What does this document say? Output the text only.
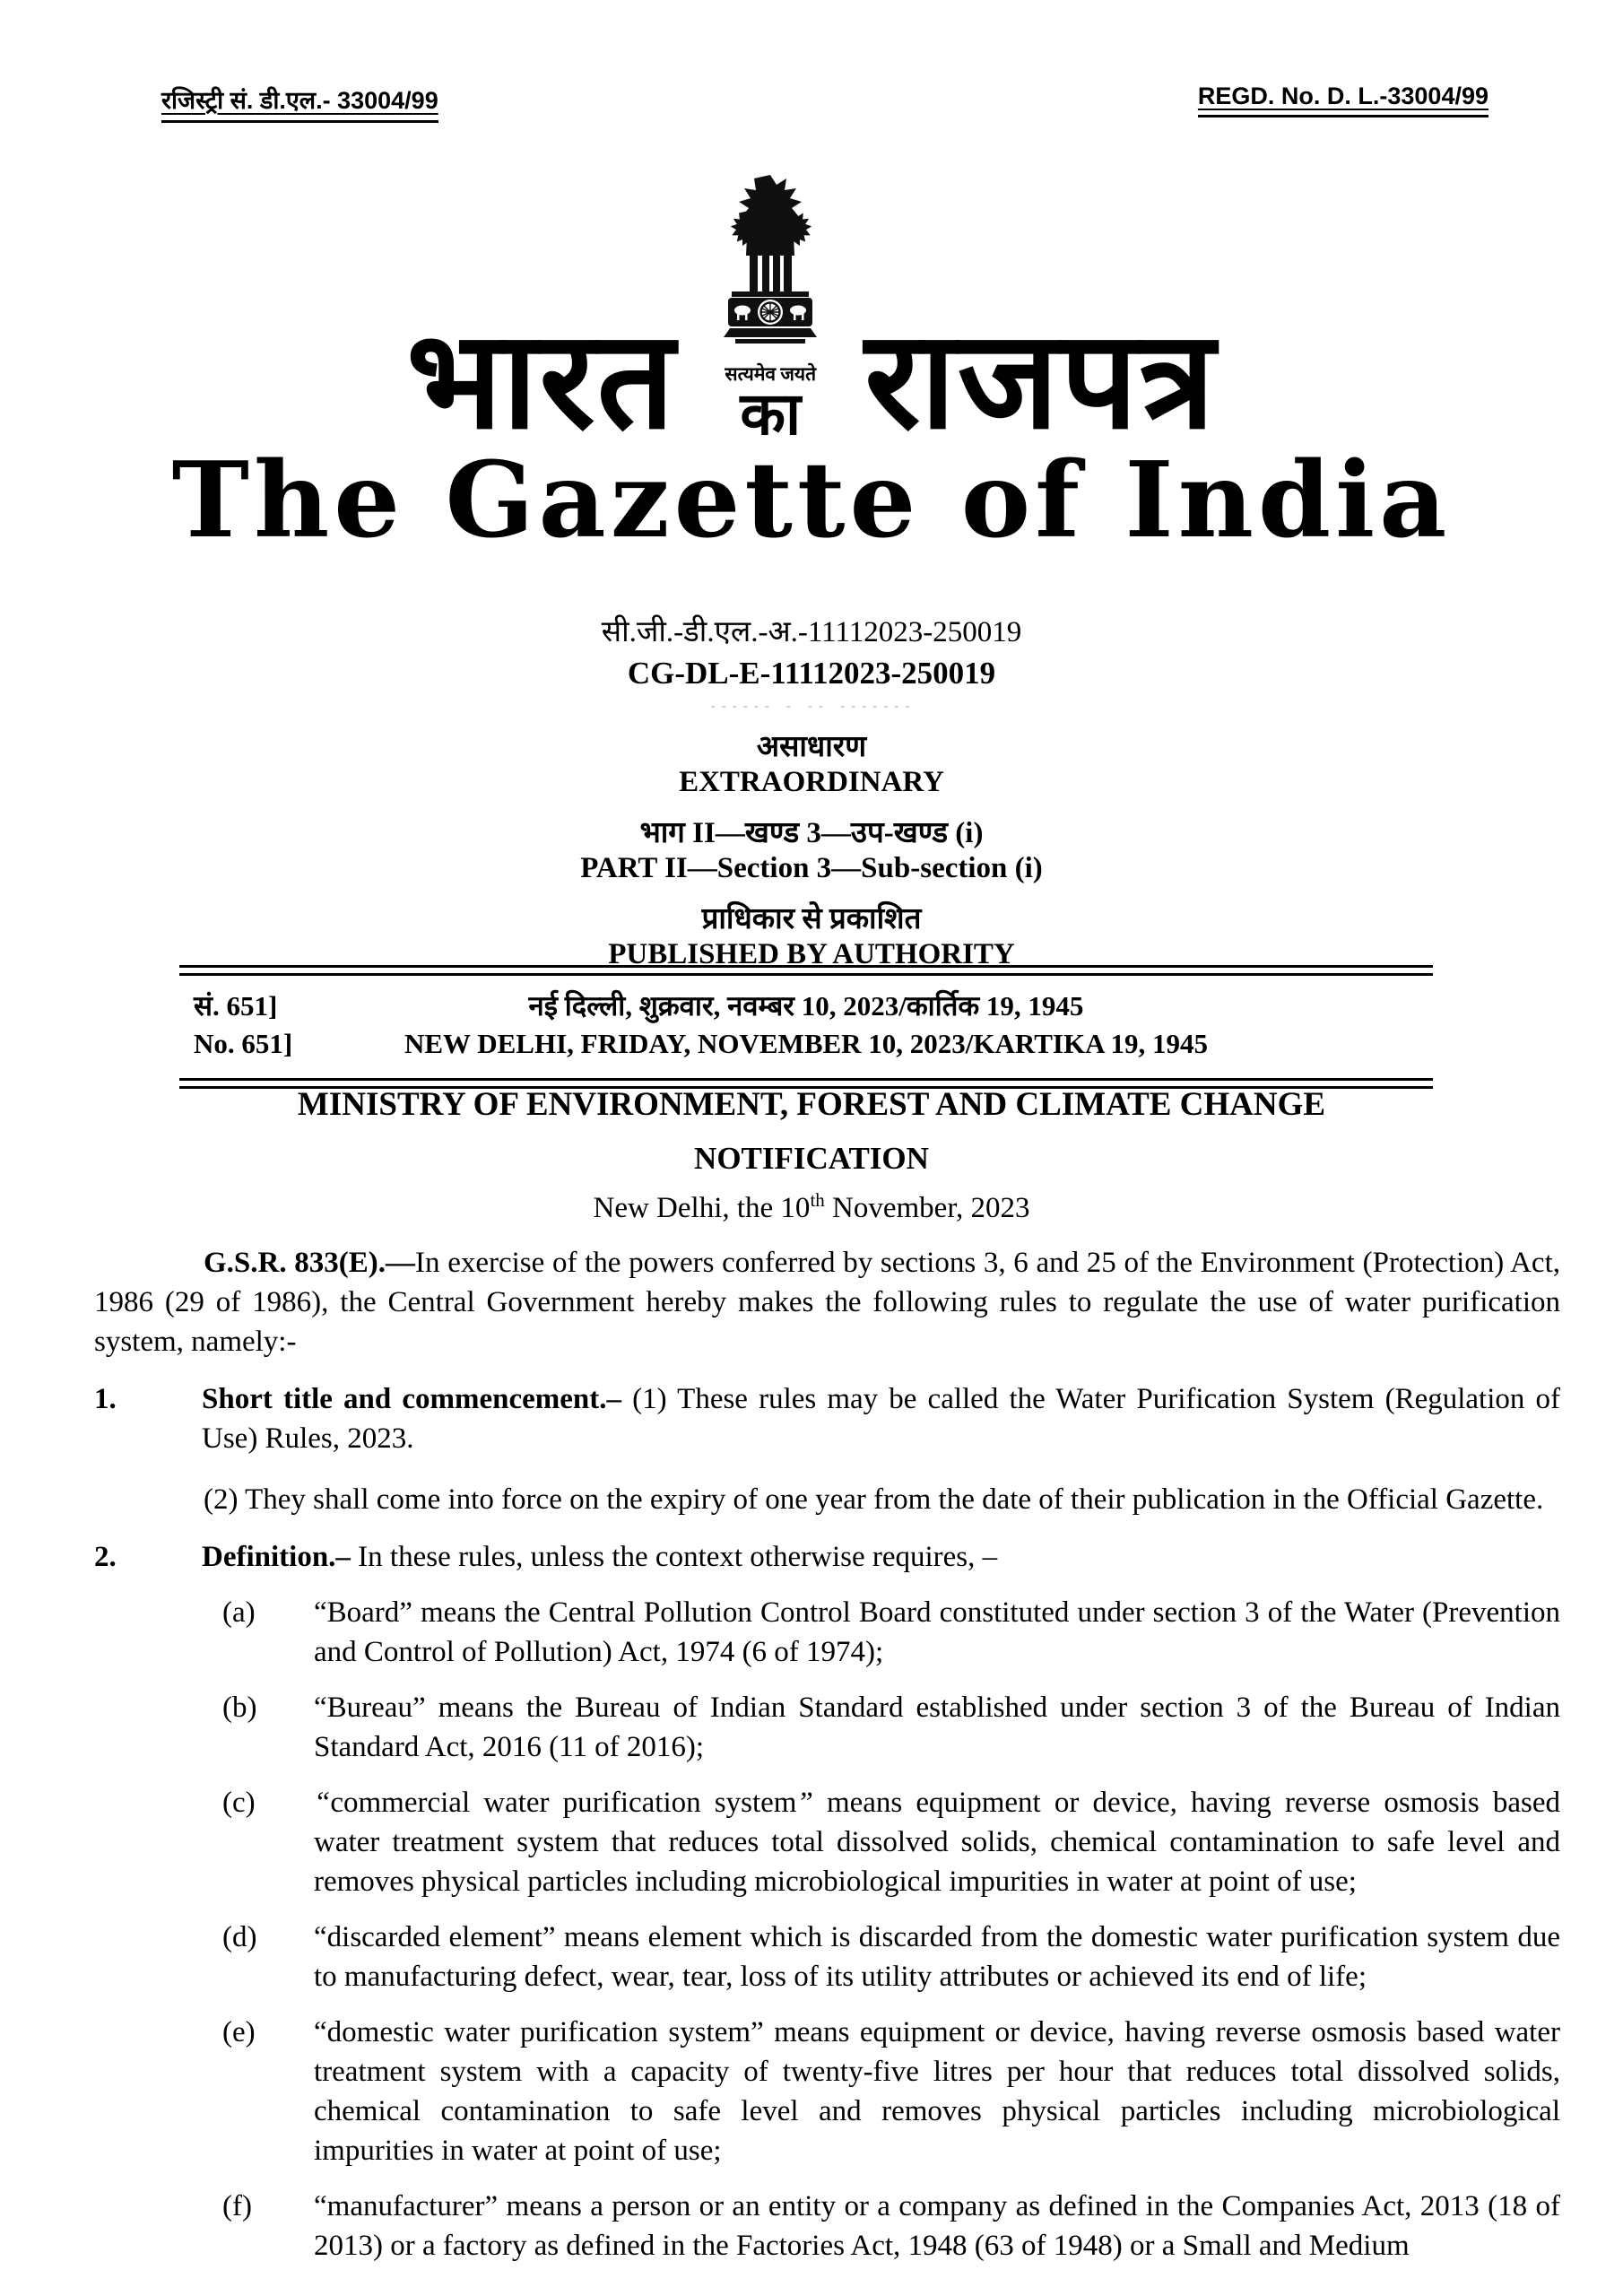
रजिस्ट्री सं. डी.एल.- 33004/99	REGD. No. D. L.-33004/99
भारत	सत्यमेव जयते
का राजपत्र
The Gazette of India
सी.जी.-डी.एल.-अ.-11112023-250019
CG-DL-E-11112023-250019
------ - -- -------
असाधारण
EXTRAORDINARY
भाग II—खण्ड 3—उप-खण्ड (i)
PART II—Section 3—Sub-section (i)
प्राधिकार से प्रकाशित
PUBLISHED BY AUTHORITY
सं. 651]	नई दिल्ली, शुक्रवार, नवम्बर 10, 2023/कार्तिक 19, 1945
No. 651]	NEW DELHI, FRIDAY, NOVEMBER 10, 2023/KARTIKA 19, 1945
MINISTRY OF ENVIRONMENT, FOREST AND CLIMATE CHANGE
NOTIFICATION
New Delhi, the 10th November, 2023
G.S.R. 833(E).—In exercise of the powers conferred by sections 3, 6 and 25 of the Environment (Protection) Act, 1986 (29 of 1986), the Central Government hereby makes the following rules to regulate the use of water purification system, namely:-
1.	Short title and commencement.– (1) These rules may be called the Water Purification System (Regulation of Use) Rules, 2023.
(2) They shall come into force on the expiry of one year from the date of their publication in the Official Gazette.
2.	Definition.– In these rules, unless the context otherwise requires, –
(a)	“Board” means the Central Pollution Control Board constituted under section 3 of the Water (Prevention and Control of Pollution) Act, 1974 (6 of 1974);
(b)	“Bureau” means the Bureau of Indian Standard established under section 3 of the Bureau of Indian Standard Act, 2016 (11 of 2016);
(c)	“commercial water purification system” means equipment or device, having reverse osmosis based water treatment system that reduces total dissolved solids, chemical contamination to safe level and removes physical particles including microbiological impurities in water at point of use;
(d)	“discarded element” means element which is discarded from the domestic water purification system due to manufacturing defect, wear, tear, loss of its utility attributes or achieved its end of life;
(e)	“domestic water purification system” means equipment or device, having reverse osmosis based water treatment system with a capacity of twenty-five litres per hour that reduces total dissolved solids, chemical contamination to safe level and removes physical particles including microbiological impurities in water at point of use;
(f)	“manufacturer” means a person or an entity or a company as defined in the Companies Act, 2013 (18 of 2013) or a factory as defined in the Factories Act, 1948 (63 of 1948) or a Small and Medium
